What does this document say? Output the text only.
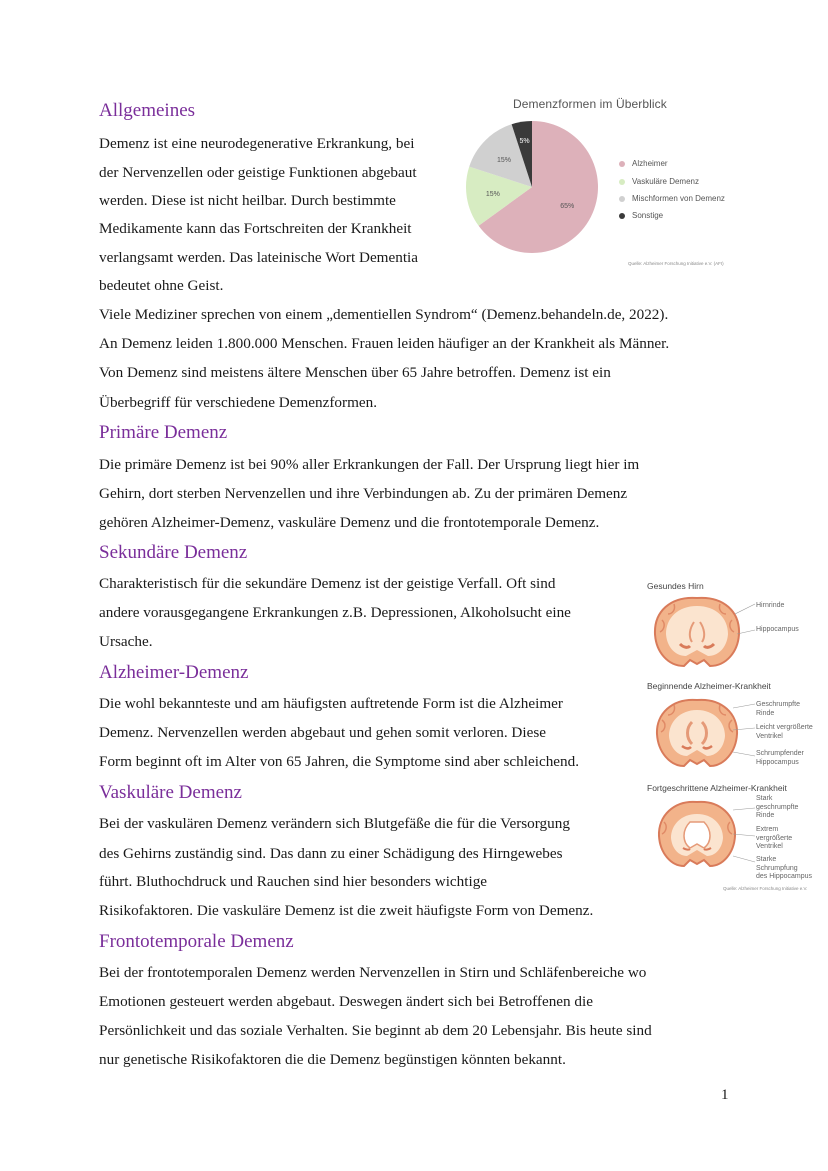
Allgemeines
Primäre Demenz
Sekundäre Demenz
Alzheimer-Demenz
Vaskuläre Demenz
Frontotemporale Demenz

Demenz ist eine neurodegenerative Erkrankung, bei

der Nervenzellen oder geistige Funktionen abgebaut

werden. Diese ist nicht heilbar. Durch bestimmte

Medikamente kann das Fortschreiten der Krankheit

verlangsamt werden. Das lateinische Wort Dementia

bedeutet ohne Geist.

Viele Mediziner sprechen von einem „dementiellen Syndrom“ (Demenz.behandeln.de, 2022).

An Demenz leiden 1.800.000 Menschen. Frauen leiden häufiger an der Krankheit als Männer.

Von Demenz sind meistens ältere Menschen über 65 Jahre betroffen. Demenz ist ein

Überbegriff für verschiedene Demenzformen.

Die primäre Demenz ist bei 90% aller Erkrankungen der Fall. Der Ursprung liegt hier im

Gehirn, dort sterben Nervenzellen und ihre Verbindungen ab. Zu der primären Demenz

gehören Alzheimer-Demenz, vaskuläre Demenz und die frontotemporale Demenz.

Charakteristisch für die sekundäre Demenz ist der geistige Verfall. Oft sind

andere vorausgegangene Erkrankungen z.B. Depressionen, Alkoholsucht eine

Ursache.

Die wohl bekannteste und am häufigsten auftretende Form ist die Alzheimer

Demenz. Nervenzellen werden abgebaut und gehen somit verloren. Diese

Form beginnt oft im Alter von 65 Jahren, die Symptome sind aber schleichend.

Bei der vaskulären Demenz verändern sich Blutgefäße die für die Versorgung

des Gehirns zuständig sind. Das dann zu einer Schädigung des Hirngewebes

führt. Bluthochdruck und Rauchen sind hier besonders wichtige

Risikofaktoren. Die vaskuläre Demenz ist die zweit häufigste Form von Demenz.

Bei der frontotemporalen Demenz werden Nervenzellen in Stirn und Schläfenbereiche wo

Emotionen gesteuert werden abgebaut. Deswegen ändert sich bei Betroffenen die

Persönlichkeit und das soziale Verhalten. Sie beginnt ab dem 20 Lebensjahr. Bis heute sind

nur genetische Risikofaktoren die die Demenz begünstigen könnten bekannt.

Demenzformen im Überblick
65%
15%
15%
5%
Alzheimer
Vaskuläre Demenz
Mischformen von Demenz
Sonstige
Quelle: Alzheimer Forschung Initiative e.V. (AFI)
Gesundes Hirn
Hirnrinde
Hippocampus
Beginnende Alzheimer-Krankheit
Geschrumpfte
Rinde
Leicht vergrößerte
Ventrikel
Schrumpfender
Hippocampus
Fortgeschrittene Alzheimer-Krankheit
Stark
geschrumpfte
Rinde
Extrem
vergrößerte
Ventrikel
Starke
Schrumpfung
des Hippocampus
Quelle: Alzheimer Forschung Initiative e.V.
1
